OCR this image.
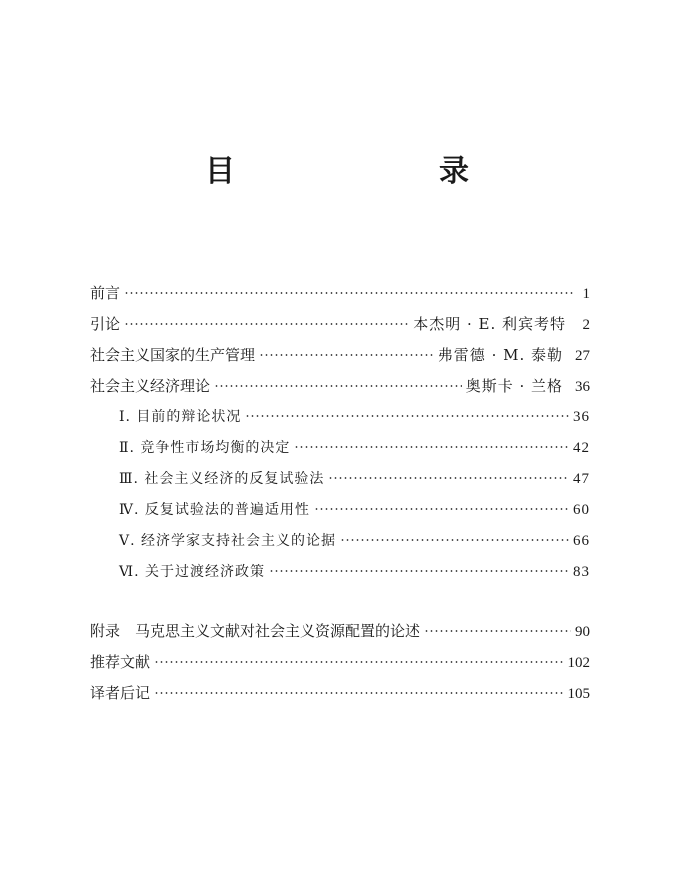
目　　录
前言	1
引论	本杰明 · E. 利宾考特	2
社会主义国家的生产管理	弗雷德 · M. 泰勒 27
社会主义经济理论	奥斯卡 · 兰格 36
Ⅰ. 目前的辩论状况	36
Ⅱ. 竞争性市场均衡的决定	42
Ⅲ. 社会主义经济的反复试验法	47
Ⅳ. 反复试验法的普遍适用性	60
Ⅴ. 经济学家支持社会主义的论据	66
Ⅵ. 关于过渡经济政策	83
附录　马克思主义文献对社会主义资源配置的论述	90
推荐文献	102
译者后记	105
